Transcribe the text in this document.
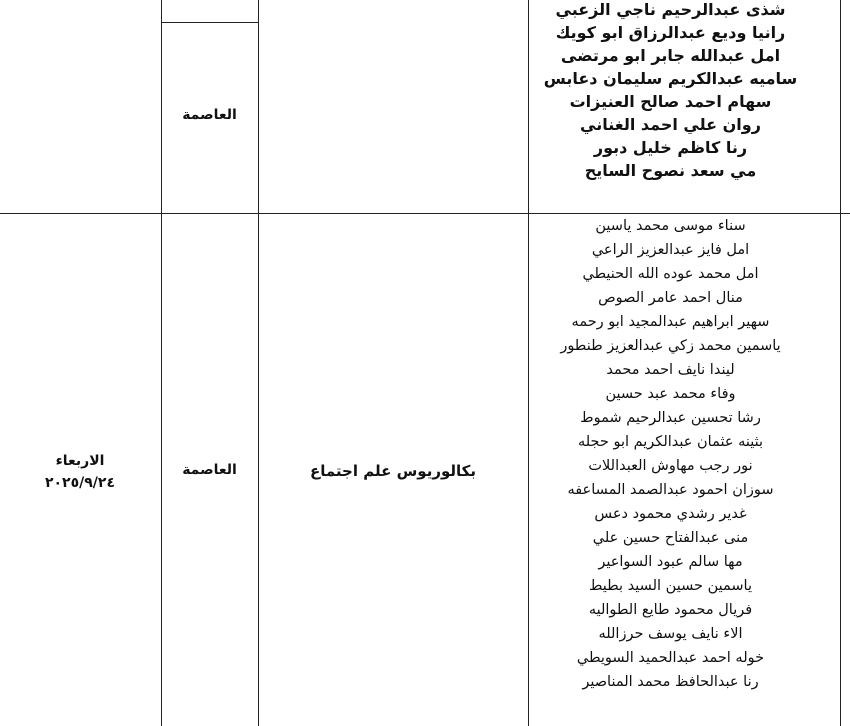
العاصمة
شذى عبدالرحيم ناجي الزعبي
رانيا وديع عبدالرزاق ابو كويك
امل عبدالله جابر ابو مرتضى
ساميه عبدالكريم سليمان دعابس
سهام احمد صالح العنيزات
روان علي احمد الغناني
رنا كاظم خليل دبور
مي سعد نصوح السايح
الاربعاء
٢٠٢٥/٩/٢٤
العاصمة	بكالوريوس علم اجتماع
سناء موسى محمد ياسين
امل فايز عبدالعزيز الراعي
امل محمد عوده الله الحنيطي
منال احمد عامر الصوص
سهير ابراهيم عبدالمجيد ابو رحمه
ياسمين محمد زكي عبدالعزيز طنطور
ليندا نايف احمد محمد
وفاء محمد عبد حسين
رشا تحسين عبدالرحيم شموط
بثينه عثمان عبدالكريم ابو حجله
نور رجب مهاوش العبداللات
سوزان احمود عبدالصمد المساعفه
غدير رشدي محمود دعس
منى عبدالفتاح حسين علي
مها سالم عبود السواعير
ياسمين حسين السيد بطيط
فريال محمود طايع الطواليه
الاء نايف يوسف حرزالله
خوله احمد عبدالحميد السويطي
رنا عبدالحافظ محمد المناصير
